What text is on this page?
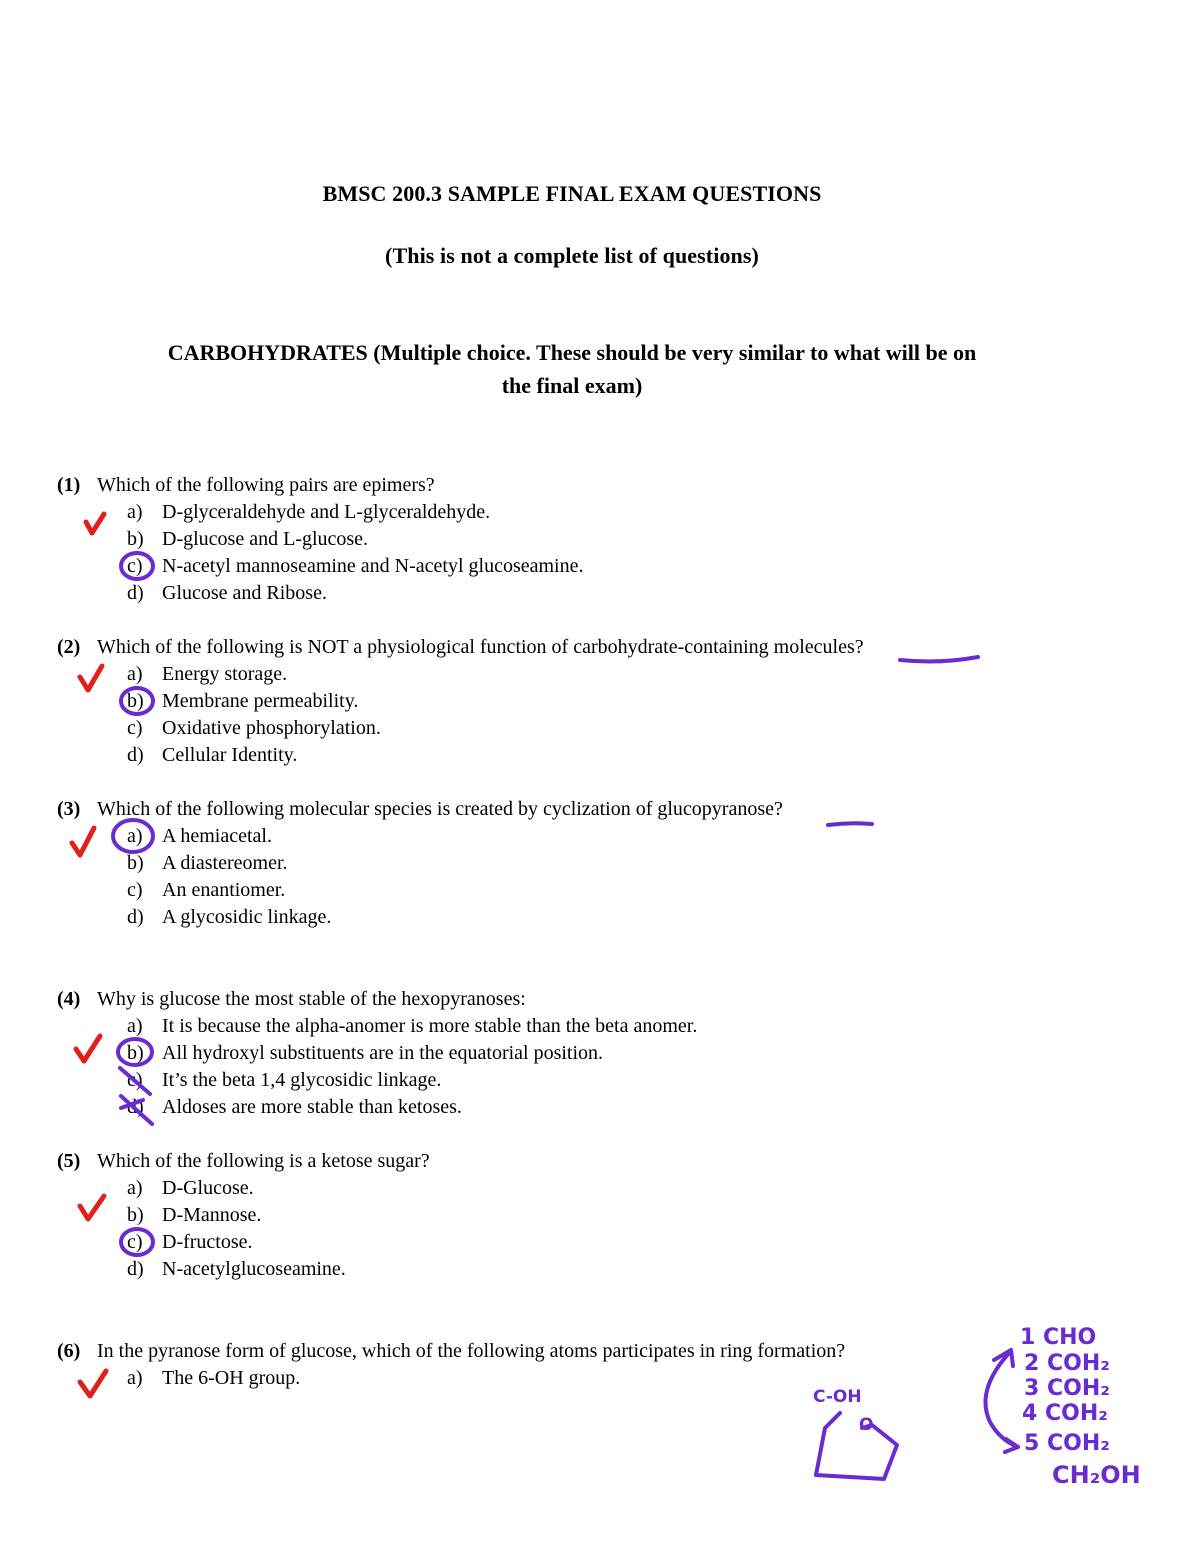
BMSC 200.3 SAMPLE FINAL EXAM QUESTIONS
(This is not a complete list of questions)
CARBOHYDRATES (Multiple choice. These should be very similar to what will be on
the final exam)
(1) Which of the following pairs are epimers?
a) D-glyceraldehyde and L-glyceraldehyde.
b) D-glucose and L-glucose.
c) N-acetyl mannoseamine and N-acetyl glucoseamine.
d) Glucose and Ribose.
(2) Which of the following is NOT a physiological function of carbohydrate-containing molecules?
a) Energy storage.
b) Membrane permeability.
c) Oxidative phosphorylation.
d) Cellular Identity.
(3) Which of the following molecular species is created by cyclization of glucopyranose?
a) A hemiacetal.
b) A diastereomer.
c) An enantiomer.
d) A glycosidic linkage.
(4) Why is glucose the most stable of the hexopyranoses:
a) It is because the alpha-anomer is more stable than the beta anomer.
b) All hydroxyl substituents are in the equatorial position.
c) It’s the beta 1,4 glycosidic linkage.
d) Aldoses are more stable than ketoses.
(5) Which of the following is a ketose sugar?
a) D-Glucose.
b) D-Mannose.
c) D-fructose.
d) N-acetylglucoseamine.
(6) In the pyranose form of glucose, which of the following atoms participates in ring formation?
a) The 6-OH group.
C-OH
O
1 CHO
2 COH₂
3 COH₂
4 COH₂
5 COH₂
CH₂OH
